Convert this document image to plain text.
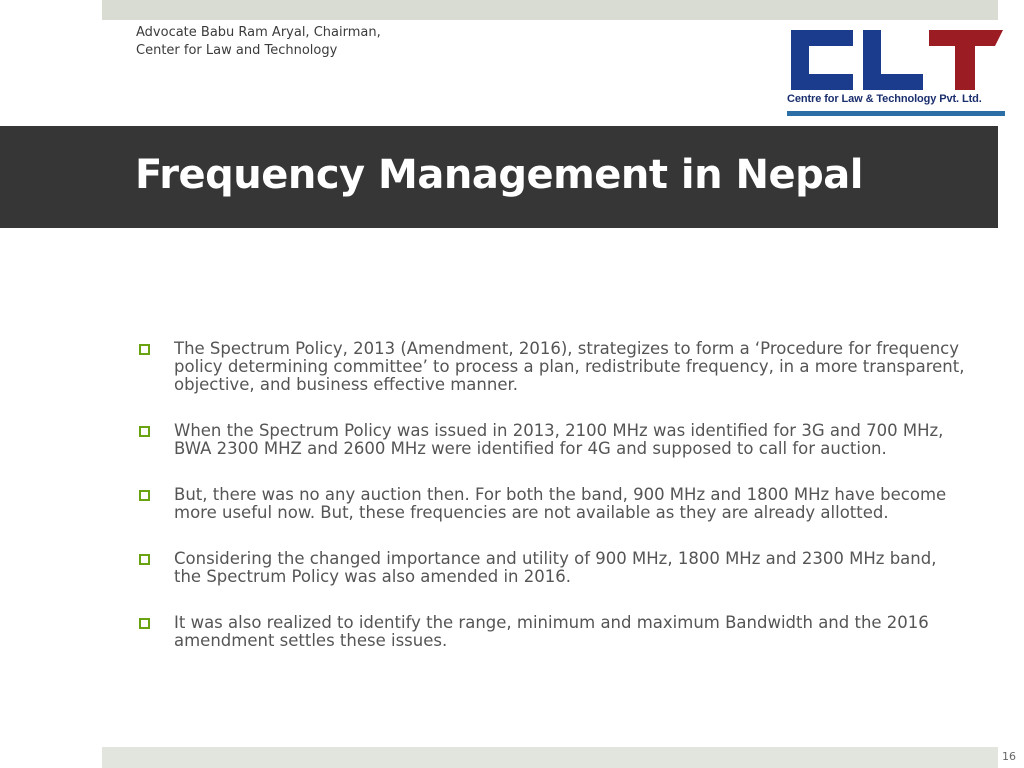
Advocate Babu Ram Aryal, Chairman,
Center for Law and Technology
Centre for Law & Technology Pvt. Ltd.
Frequency Management in Nepal
The Spectrum Policy, 2013 (Amendment, 2016), strategizes to form a ‘Procedure for frequency policy determining committee’ to process a plan, redistribute frequency, in a more transparent, objective, and business effective manner.
When the Spectrum Policy was issued in 2013, 2100 MHz was identified for 3G and 700 MHz, BWA 2300 MHZ and 2600 MHz were identified for 4G and supposed to call for auction.
But, there was no any auction then. For both the band, 900 MHz and 1800 MHz have become more useful now. But, these frequencies are not available as they are already allotted.
Considering the changed importance and utility of 900 MHz, 1800 MHz and 2300 MHz band, the Spectrum Policy was also amended in 2016.
It was also realized to identify the range, minimum and maximum Bandwidth and the 2016 amendment settles these issues.
16
